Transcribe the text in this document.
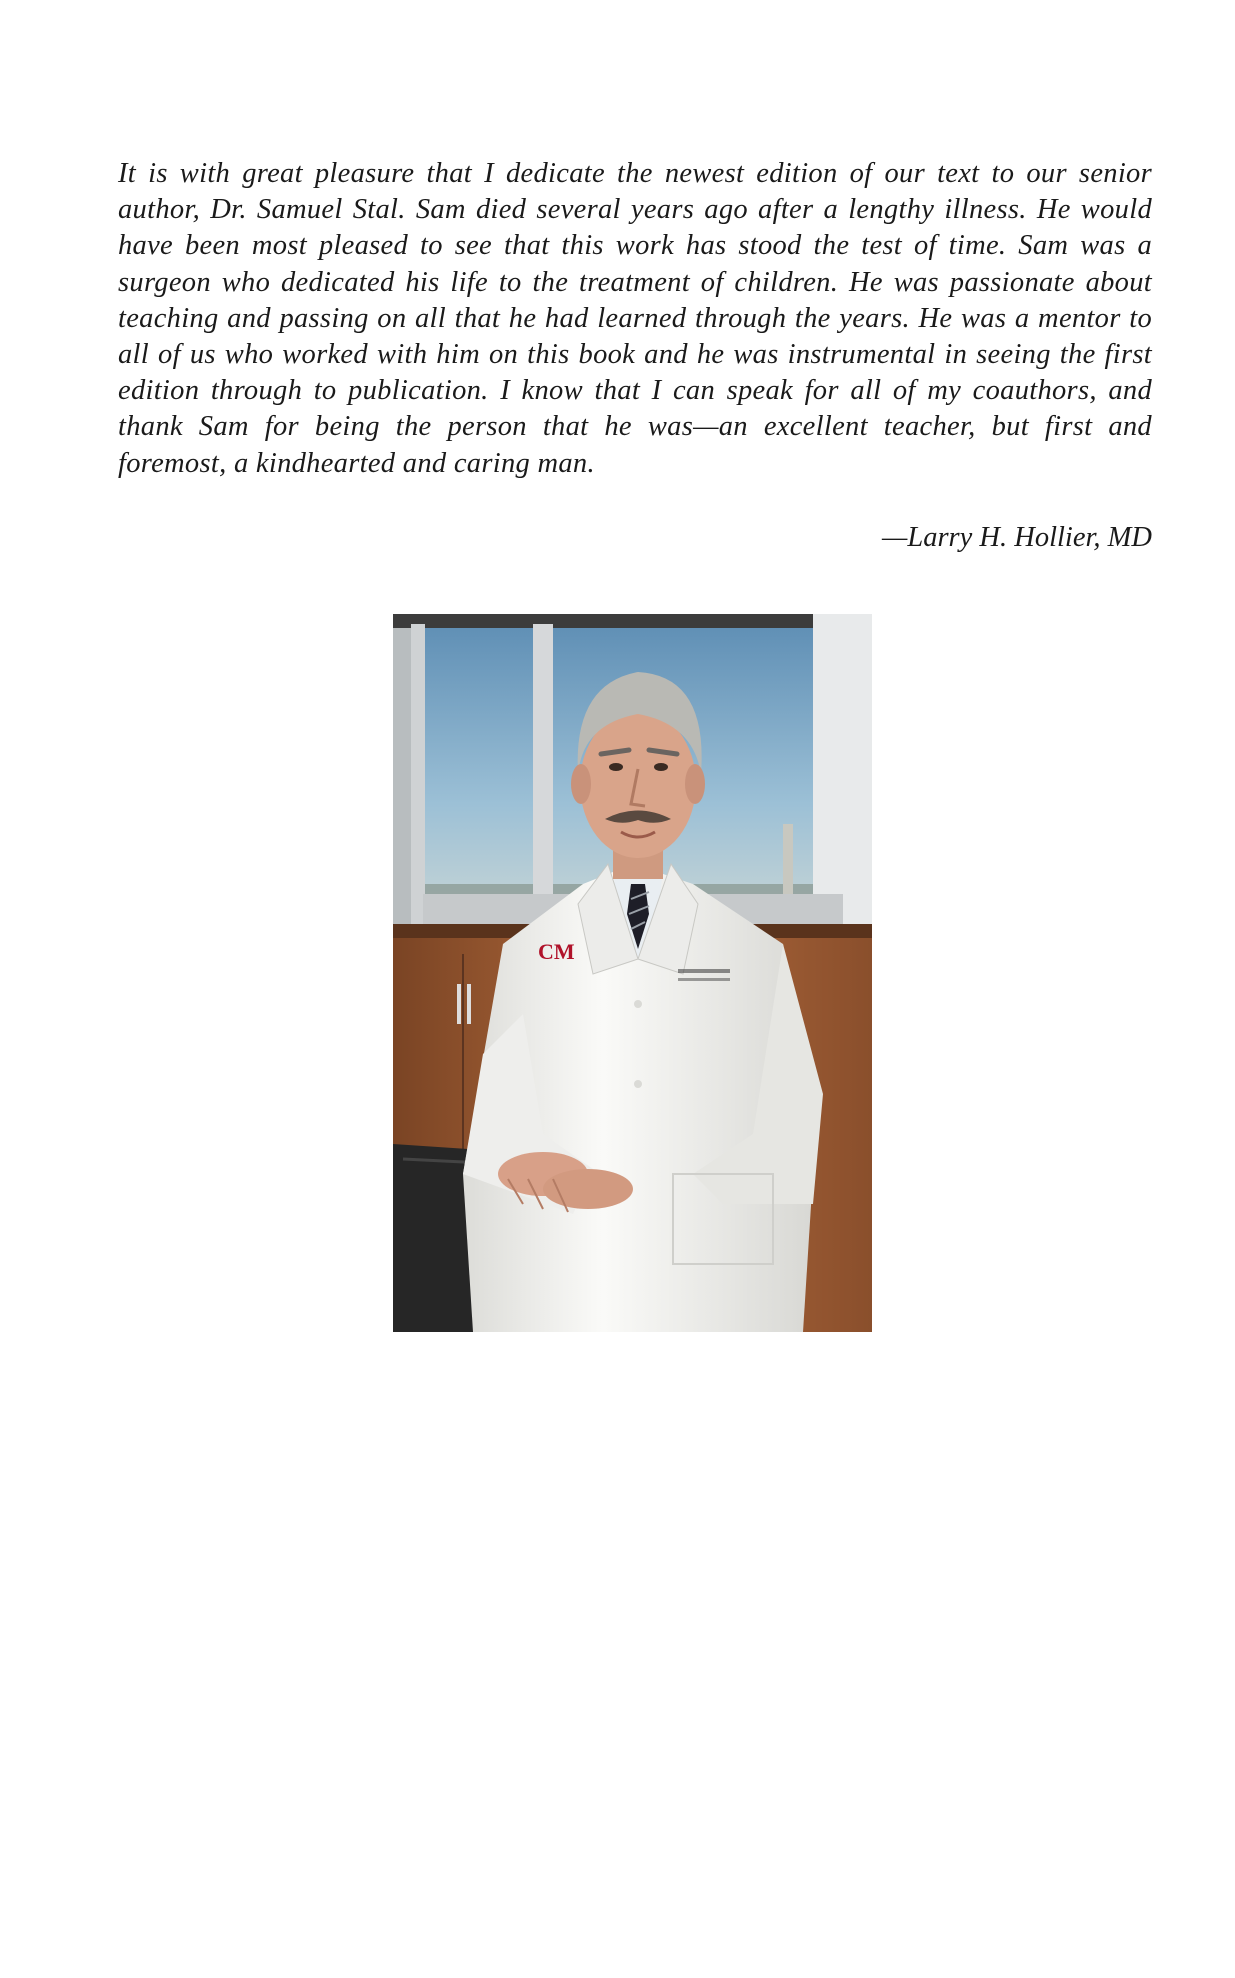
It is with great pleasure that I dedicate the newest edition of our text to our senior author, Dr. Samuel Stal. Sam died several years ago after a lengthy illness. He would have been most pleased to see that this work has stood the test of time. Sam was a surgeon who dedicated his life to the treatment of children. He was passionate about teaching and passing on all that he had learned through the years. He was a mentor to all of us who worked with him on this book and he was instrumental in seeing the first edition through to publication. I know that I can speak for all of my coauthors, and thank Sam for being the person that he was—an excellent teacher, but first and foremost, a kindhearted and caring man.

—Larry H. Hollier, MD

CM
